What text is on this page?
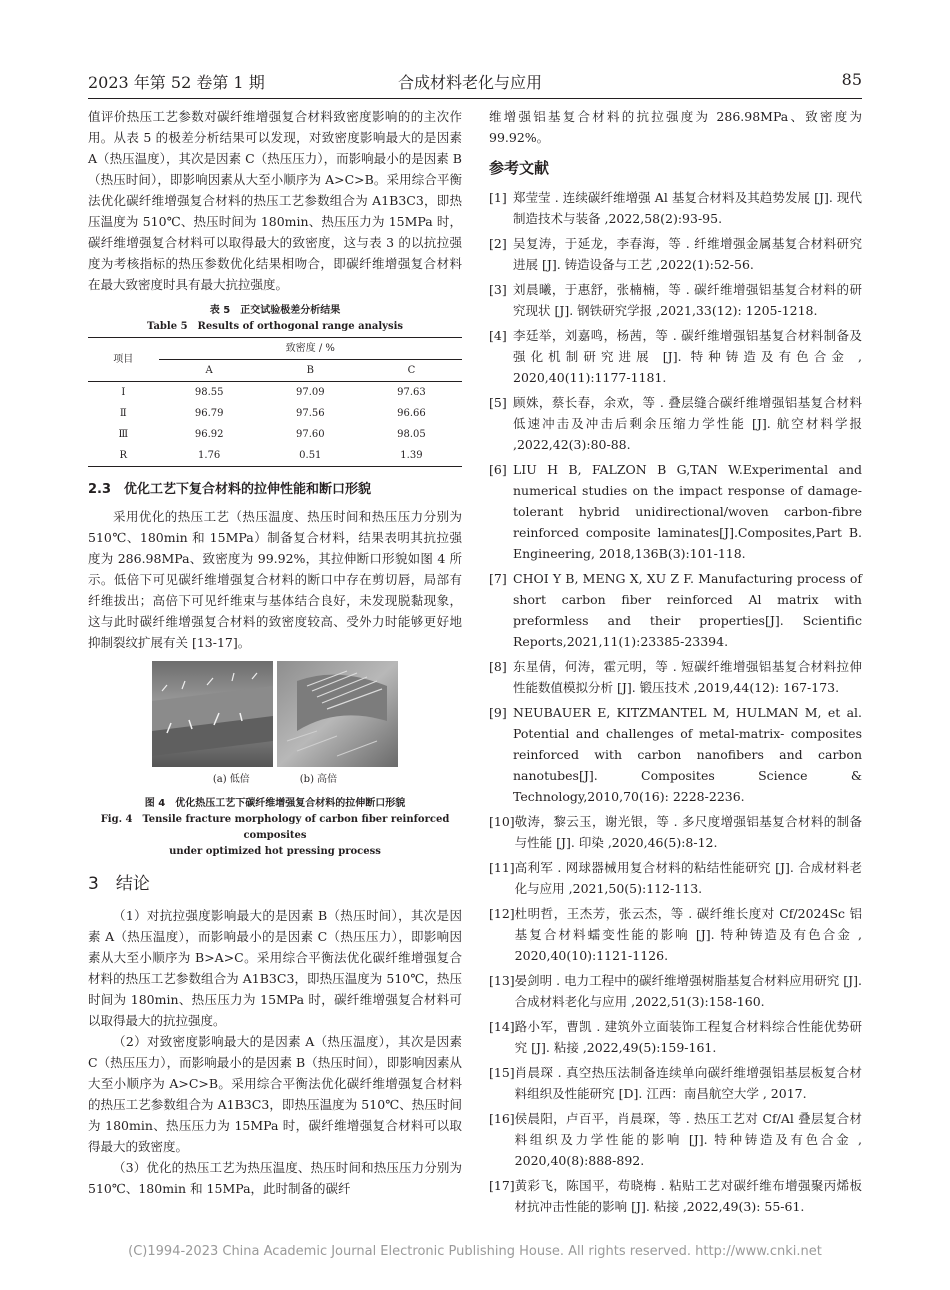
2023 年第 52 卷第 1 期	合成材料老化与应用	85

值评价热压工艺参数对碳纤维增强复合材料致密度影响的的主次作用。从表 5 的极差分析结果可以发现，对致密度影响最大的是因素 A（热压温度），其次是因素 C（热压压力），而影响最小的是因素 B（热压时间），即影响因素从大至小顺序为 A>C>B。采用综合平衡法优化碳纤维增强复合材料的热压工艺参数组合为 A1B3C3，即热压温度为 510℃、热压时间为 180min、热压压力为 15MPa 时，碳纤维增强复合材料可以取得最大的致密度，这与表 3 的以抗拉强度为考核指标的热压参数优化结果相吻合，即碳纤维增强复合材料在最大致密度时具有最大抗拉强度。

表 5　正交试验极差分析结果
Table 5　Results of orthogonal range analysis
项目	致密度 / %		
	A	B	C
Ⅰ	98.55	97.09	97.63
Ⅱ	96.79	97.56	96.66
Ⅲ	96.92	97.60	98.05
R	1.76	0.51	1.39
2.3　优化工艺下复合材料的拉伸性能和断口形貌

采用优化的热压工艺（热压温度、热压时间和热压压力分别为 510℃、180min 和 15MPa）制备复合材料，结果表明其抗拉强度为 286.98MPa、致密度为 99.92%，其拉伸断口形貌如图 4 所示。低倍下可见碳纤维增强复合材料的断口中存在剪切唇，局部有纤维拔出；高倍下可见纤维束与基体结合良好，未发现脱黏现象，这与此时碳纤维增强复合材料的致密度较高、受外力时能够更好地抑制裂纹扩展有关 [13-17]。

(a) 低倍	(b) 高倍
图 4　优化热压工艺下碳纤维增强复合材料的拉伸断口形貌
Fig. 4　Tensile fracture morphology of carbon fiber reinforced composites
under optimized hot pressing process
3　结论

（1）对抗拉强度影响最大的是因素 B（热压时间），其次是因素 A（热压温度），而影响最小的是因素 C（热压压力），即影响因素从大至小顺序为 B>A>C。采用综合平衡法优化碳纤维增强复合材料的热压工艺参数组合为 A1B3C3，即热压温度为 510℃，热压时间为 180min、热压压力为 15MPa 时，碳纤维增强复合材料可以取得最大的抗拉强度。

（2）对致密度影响最大的是因素 A（热压温度），其次是因素 C（热压压力），而影响最小的是因素 B（热压时间），即影响因素从大至小顺序为 A>C>B。采用综合平衡法优化碳纤维增强复合材料的热压工艺参数组合为 A1B3C3，即热压温度为 510℃、热压时间为 180min、热压压力为 15MPa 时，碳纤维增强复合材料可以取得最大的致密度。

（3）优化的热压工艺为热压温度、热压时间和热压压力分别为 510℃、180min 和 15MPa，此时制备的碳纤

维增强铝基复合材料的抗拉强度为 286.98MPa、致密度为 99.92%。

参考文献
[1] 郑莹莹 . 连续碳纤维增强 Al 基复合材料及其趋势发展 [J]. 现代制造技术与装备 ,2022,58(2):93-95.
[2] 吴复涛，于延龙，李春海，等 . 纤维增强金属基复合材料研究进展 [J]. 铸造设备与工艺 ,2022(1):52-56.
[3] 刘晨曦，于惠舒，张楠楠，等 . 碳纤维增强铝基复合材料的研究现状 [J]. 钢铁研究学报 ,2021,33(12): 1205-1218.
[4] 李廷举，刘嘉鸣，杨茜，等 . 碳纤维增强铝基复合材料制备及强化机制研究进展 [J]. 特种铸造及有色合金 , 2020,40(11):1177-1181.
[5] 顾姝，蔡长春，余欢，等 . 叠层缝合碳纤维增强铝基复合材料低速冲击及冲击后剩余压缩力学性能 [J]. 航空材料学报 ,2022,42(3):80-88.
[6] LIU H B, FALZON B G,TAN W.Experimental and numerical studies on the impact response of damage-tolerant hybrid unidirectional/woven carbon-fibre reinforced composite laminates[J].Composites,Part B. Engineering, 2018,136B(3):101-118.
[7] CHOI Y B, MENG X, XU Z F. Manufacturing process of short carbon fiber reinforced Al matrix with preformless and their properties[J]. Scientific Reports,2021,11(1):23385-23394.
[8] 东星倩，何涛，霍元明，等 . 短碳纤维增强铝基复合材料拉伸性能数值模拟分析 [J]. 锻压技术 ,2019,44(12): 167-173.
[9] NEUBAUER E, KITZMANTEL M, HULMAN M, et al. Potential and challenges of metal-matrix- composites reinforced with carbon nanofibers and carbon nanotubes[J]. Composites Science & Technology,2010,70(16): 2228-2236.
[10] 敬涛，黎云玉，谢光银，等 . 多尺度增强铝基复合材料的制备与性能 [J]. 印染 ,2020,46(5):8-12.
[11] 高利军 . 网球器械用复合材料的粘结性能研究 [J]. 合成材料老化与应用 ,2021,50(5):112-113.
[12] 杜明哲，王杰芳，张云杰，等 . 碳纤维长度对 Cf/2024Sc 铝基复合材料蠕变性能的影响 [J]. 特种铸造及有色合金 , 2020,40(10):1121-1126.
[13] 晏剑明 . 电力工程中的碳纤维增强树脂基复合材料应用研究 [J]. 合成材料老化与应用 ,2022,51(3):158-160.
[14] 路小军，曹凯 . 建筑外立面装饰工程复合材料综合性能优势研究 [J]. 粘接 ,2022,49(5):159-161.
[15] 肖晨琛 . 真空热压法制备连续单向碳纤维增强铝基层板复合材料组织及性能研究 [D]. 江西：南昌航空大学 , 2017.
[16] 侯晨阳，卢百平，肖晨琛，等 . 热压工艺对 Cf/Al 叠层复合材料组织及力学性能的影响 [J]. 特种铸造及有色合金 , 2020,40(8):888-892.
[17] 黄彩飞，陈国平，苟晓梅 . 粘贴工艺对碳纤维布增强聚丙烯板材抗冲击性能的影响 [J]. 粘接 ,2022,49(3): 55-61.
(C)1994-2023 China Academic Journal Electronic Publishing House. All rights reserved. http://www.cnki.net
